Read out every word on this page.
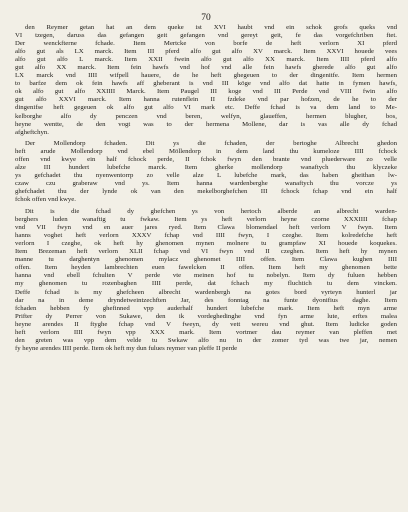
70

den Reymer getan hat an dem queke ist XVI haubt vnd ein schok grofs queks vnd

VI tzegen, daruss das gefangen geit gefangen vnd gereyt geit, fe das vorgefchriben ftet.

Der wenckfterne fchade. Item Mertcke von borfe de heft verlorn XI pferd

alfo gut als LX marck. Item III pferd alfo gut alfo XV marck. Item XXVI houede vees

alfo gut alfo L marck. Item XXII fwein alfo gut alfo XX marck. Item IIII pferd alfo

gut alfo XX marck. Item fein hawfs vnd hof vnd alle fein hawfs gherede alfo gut alfo

LX marck vnd IIII wifpell hauere, de he heft ghegeuen to der dingenitfe. Item hermen

to barfze dem ok fein hawfs aff gheberant is vnd III köge vnd alfo dat hatte in fymen hawfs,

ok alfo gut alfo XXIIII Marck. Item Paugel III koge vnd III Perde vnd VIII fwin alfo

gut alfo XXVI marck. Item hanna rutenflein II fzdeke vnd par hofzen, de he to der

dingenifse heft gegeuen ok alfo gut alfo VI mark etc. Deffe fchad is va dem land to Me-

kelborghe alfo dy penczen vnd beren, welfyn, glaueffen, hermen blugher, bos,

heyne wentte, de den vogt was to der hermena Mollene, dar is vas alle dy fchad

afgheftchyn.

Der Mollendorp fchaden. Dit ys die fchaden, der bertoghe Albrecht ghedon

heft arude Mollendorp vnd ebel Möllendorp in dem land thu kumeloze IIII fchock

offen vnd kwye ein half fchock perde, II fchok fwyn den brante vnd pluederware zo velle

alze III hundert lubefche marck. Item gherke mollendorp wanaftych thu klyczeke

ys gefchadet thu nyenwentorrp zo velle alze L lubefche mark, das haben gheithan lw-

czaw czu graberaw vnd ys. Item hanna wardenberghe wanaftych thu vorcze ys

ghefchadet thu der lynde ok van den mekelborghefchen III fchock fchap vnd ein half

fchok offen vnd kwye.

Dit is die fchad dy ghefchen ys von hertoch alberde an albrecht warden-

berghers luden wanaftig tu fwkaw. Item ys heft verlorn heyne czorne XXXIIII fchap

vnd VII fwyn vnd en auer jares ryed. Item Clawa blomendael heft verlorn V fwyn. Item

hanns voghet heft verlorn XXXV fchap vnd IIII fwyn, I czeghe. Item kolredefche heft

verlorn I czeghe, ok heft hy ghenomen mynen molnere tu grampfaw XI houede koquekes.

Item Brezeman heft verlorn XLII fchap vnd VI fwyn vnd II czeghen. Item heft hy mynen

manne tu darghentyn ghenomen mylacz ghenomet IIII offen. Item Clawa kughen IIII

offen. Item heyden lambrechten euen fawelcken II offen. Item heft my ghenomen bette

hanna vnd ebell fchulten V perde vte meinen hof tu nobelyn. Item dy fuluen hebben

my ghenomen tu rozenbaghen IIII perde, dat fchach my fluchtich tu dem vincken.

Deffe fchad is my ghefcheen albrecht wardenbergh na gotes bord vyrteyn hunterl jar

dar na in deme dryndetweintzechften Jar, des fonntag na funte dyonifius daghe. Item

fchaden hebben fy ghefinned vpp auderhalf hundert lubefche mark. Item heft myn arme

Prifter dy Perrer von Sukawe, den ik vordeghedinghe vnd fyn arme lute, erftes malea

heyne arendes II ftyghe fchap vnd V fweyn, dy vett wereu vnd ghut. Item ludicke goden

heft verlorn IIII fwyn vpp XXX mark. Item vortmer dau reymer van pleffen met

den greten was vpp dem velde tu Swkaw alfo nu in der zomer tyd was twe jar, nemen

fy heyne arendes IIII perde. Item ok heft my dun fulues reymer van pleffe II perde
